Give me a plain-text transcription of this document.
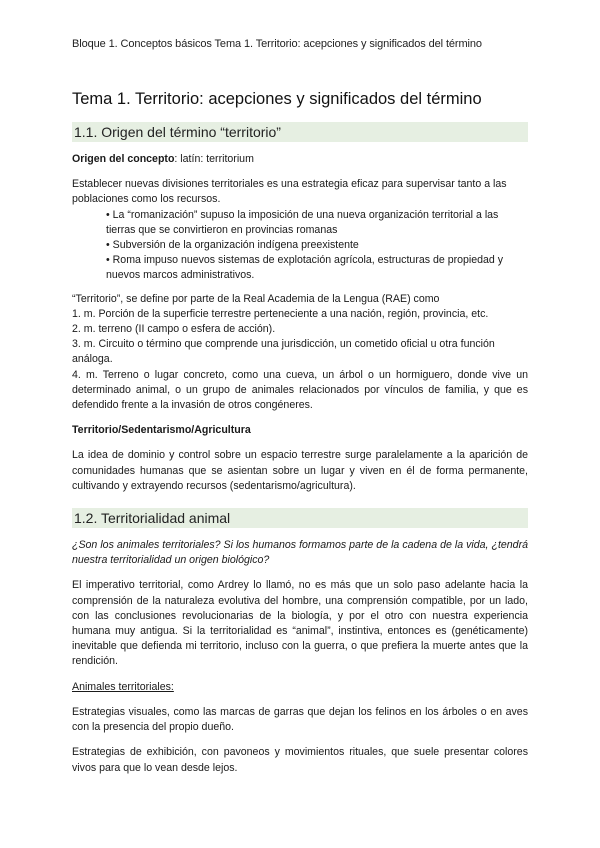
Bloque 1. Conceptos básicos Tema 1. Territorio: acepciones y significados del término
Tema 1. Territorio: acepciones y significados del término
1.1. Origen del término “territorio”

Origen del concepto: latín: territorium

Establecer nuevas divisiones territoriales es una estrategia eficaz para supervisar tanto a las poblaciones como los recursos.

• La “romanización” supuso la imposición de una nueva organización territorial a las tierras que se convirtieron en provincias romanas
• Subversión de la organización indígena preexistente
• Roma impuso nuevos sistemas de explotación agrícola, estructuras de propiedad y nuevos marcos administrativos.
“Territorio”, se define por parte de la Real Academia de la Lengua (RAE) como
1. m. Porción de la superficie terrestre perteneciente a una nación, región, provincia, etc.
2. m. terreno (II campo o esfera de acción).
3. m. Circuito o término que comprende una jurisdicción, un cometido oficial u otra función análoga.
4. m. Terreno o lugar concreto, como una cueva, un árbol o un hormiguero, donde vive un determinado animal, o un grupo de animales relacionados por vínculos de familia, y que es defendido frente a la invasión de otros congéneres.

Territorio/Sedentarismo/Agricultura

La idea de dominio y control sobre un espacio terrestre surge paralelamente a la aparición de comunidades humanas que se asientan sobre un lugar y viven en él de forma permanente, cultivando y extrayendo recursos (sedentarismo/agricultura).

1.2. Territorialidad animal

¿Son los animales territoriales? Si los humanos formamos parte de la cadena de la vida, ¿tendrá nuestra territorialidad un origen biológico?

El imperativo territorial, como Ardrey lo llamó, no es más que un solo paso adelante hacia la comprensión de la naturaleza evolutiva del hombre, una comprensión compatible, por un lado, con las conclusiones revolucionarias de la biología, y por el otro con nuestra experiencia humana muy antigua. Si la territorialidad es “animal”, instintiva, entonces es (genéticamente) inevitable que defienda mi territorio, incluso con la guerra, o que prefiera la muerte antes que la rendición.

Animales territoriales:

Estrategias visuales, como las marcas de garras que dejan los felinos en los árboles o en aves con la presencia del propio dueño.

Estrategias de exhibición, con pavoneos y movimientos rituales, que suele presentar colores vivos para que lo vean desde lejos.
